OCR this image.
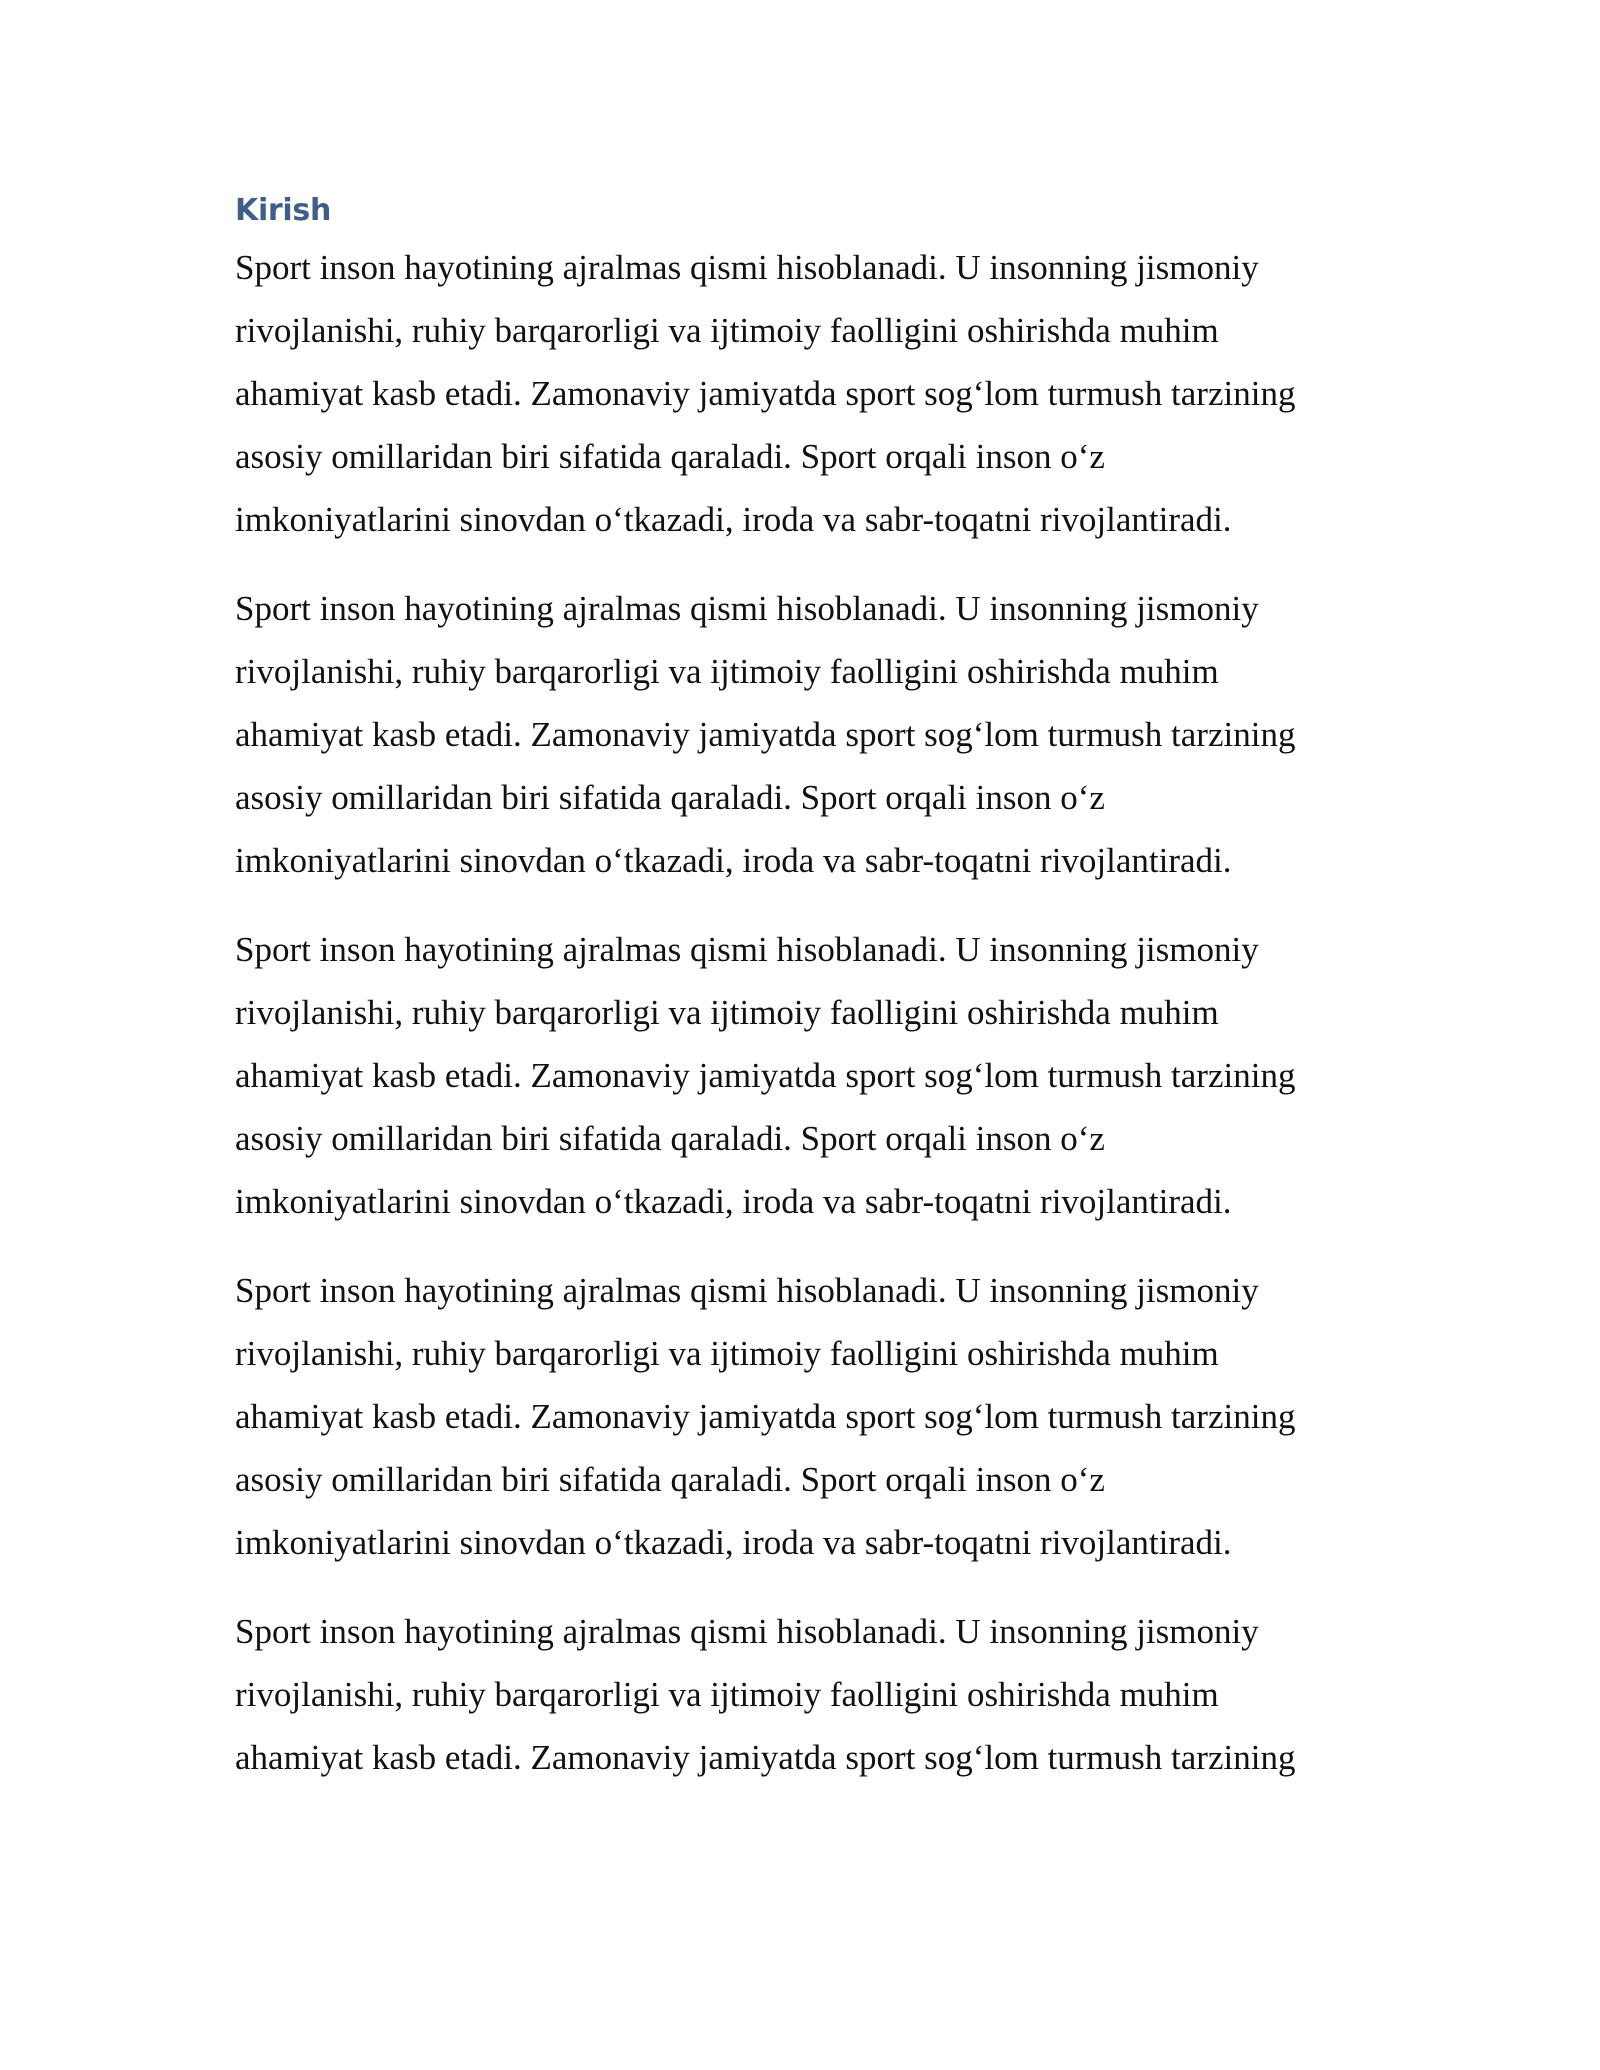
Kirish

Sport inson hayotining ajralmas qismi hisoblanadi. U insonning jismoniy
rivojlanishi, ruhiy barqarorligi va ijtimoiy faolligini oshirishda muhim
ahamiyat kasb etadi. Zamonaviy jamiyatda sport sog‘lom turmush tarzining
asosiy omillaridan biri sifatida qaraladi. Sport orqali inson o‘z
imkoniyatlarini sinovdan o‘tkazadi, iroda va sabr-toqatni rivojlantiradi.

Sport inson hayotining ajralmas qismi hisoblanadi. U insonning jismoniy
rivojlanishi, ruhiy barqarorligi va ijtimoiy faolligini oshirishda muhim
ahamiyat kasb etadi. Zamonaviy jamiyatda sport sog‘lom turmush tarzining
asosiy omillaridan biri sifatida qaraladi. Sport orqali inson o‘z
imkoniyatlarini sinovdan o‘tkazadi, iroda va sabr-toqatni rivojlantiradi.

Sport inson hayotining ajralmas qismi hisoblanadi. U insonning jismoniy
rivojlanishi, ruhiy barqarorligi va ijtimoiy faolligini oshirishda muhim
ahamiyat kasb etadi. Zamonaviy jamiyatda sport sog‘lom turmush tarzining
asosiy omillaridan biri sifatida qaraladi. Sport orqali inson o‘z
imkoniyatlarini sinovdan o‘tkazadi, iroda va sabr-toqatni rivojlantiradi.

Sport inson hayotining ajralmas qismi hisoblanadi. U insonning jismoniy
rivojlanishi, ruhiy barqarorligi va ijtimoiy faolligini oshirishda muhim
ahamiyat kasb etadi. Zamonaviy jamiyatda sport sog‘lom turmush tarzining
asosiy omillaridan biri sifatida qaraladi. Sport orqali inson o‘z
imkoniyatlarini sinovdan o‘tkazadi, iroda va sabr-toqatni rivojlantiradi.

Sport inson hayotining ajralmas qismi hisoblanadi. U insonning jismoniy
rivojlanishi, ruhiy barqarorligi va ijtimoiy faolligini oshirishda muhim
ahamiyat kasb etadi. Zamonaviy jamiyatda sport sog‘lom turmush tarzining
